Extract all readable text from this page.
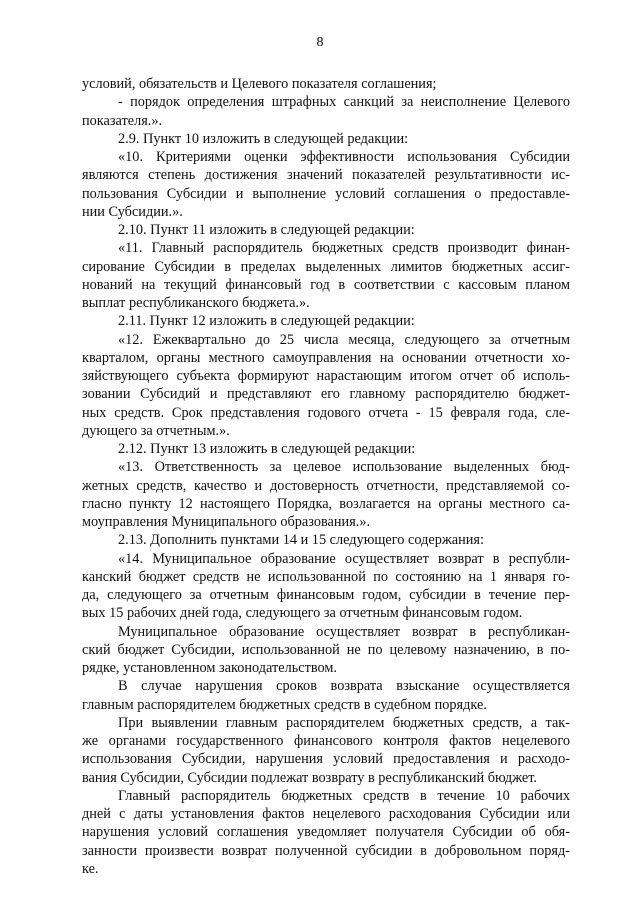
8
условий, обязательств и Целевого показателя соглашения;
- порядок определения штрафных санкций за неисполнение Целевого
показателя.».
2.9. Пункт 10 изложить в следующей редакции:
«10. Критериями оценки эффективности использования Субсидии
являются степень достижения значений показателей результативности ис-
пользования Субсидии и выполнение условий соглашения о предоставле-
нии Субсидии.».
2.10. Пункт 11 изложить в следующей редакции:
«11. Главный распорядитель бюджетных средств производит финан-
сирование Субсидии в пределах выделенных лимитов бюджетных ассиг-
нований на текущий финансовый год в соответствии с кассовым планом
выплат республиканского бюджета.».
2.11. Пункт 12 изложить в следующей редакции:
«12. Ежеквартально до 25 числа месяца, следующего за отчетным
кварталом, органы местного самоуправления на основании отчетности хо-
зяйствующего субъекта формируют нарастающим итогом отчет об исполь-
зовании Субсидий и представляют его главному распорядителю бюджет-
ных средств. Срок представления годового отчета - 15 февраля года, сле-
дующего за отчетным.».
2.12. Пункт 13 изложить в следующей редакции:
«13. Ответственность за целевое использование выделенных бюд-
жетных средств, качество и достоверность отчетности, представляемой со-
гласно пункту 12 настоящего Порядка, возлагается на органы местного са-
моуправления Муниципального образования.».
2.13. Дополнить пунктами 14 и 15 следующего содержания:
«14. Муниципальное образование осуществляет возврат в республи-
канский бюджет средств не использованной по состоянию на 1 января го-
да, следующего за отчетным финансовым годом, субсидии в течение пер-
вых 15 рабочих дней года, следующего за отчетным финансовым годом.
Муниципальное образование осуществляет возврат в республикан-
ский бюджет Субсидии, использованной не по целевому назначению, в по-
рядке, установленном законодательством.
В случае нарушения сроков возврата взыскание осуществляется
главным распорядителем бюджетных средств в судебном порядке.
При выявлении главным распорядителем бюджетных средств, а так-
же органами государственного финансового контроля фактов нецелевого
использования Субсидии, нарушения условий предоставления и расходо-
вания Субсидии, Субсидии подлежат возврату в республиканский бюджет.
Главный распорядитель бюджетных средств в течение 10 рабочих
дней с даты установления фактов нецелевого расходования Субсидии или
нарушения условий соглашения уведомляет получателя Субсидии об обя-
занности произвести возврат полученной субсидии в добровольном поряд-
ке.
